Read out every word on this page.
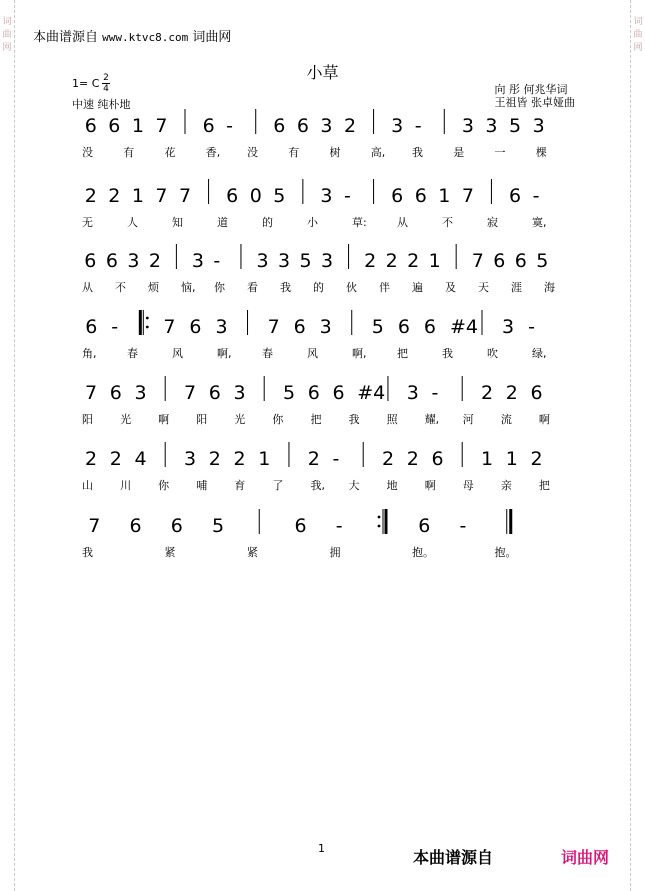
词
曲
网
词
曲
网
本曲谱源自 www.ktvc8.com 词曲网
小草
1= C 2
4
中速 纯朴地
向 彤 何兆华词
王祖皆 张卓娅曲
6 6 1 7 6 - 6 6 3 2 3 - 3 3 5 3
没	有	花	香, 没	有	树	高, 我	是	一	棵
2 2 1 7 7 6 0 5 3 - 6 6 1 7 6 -
无	人	知	道	的	小	草:	从	不	寂	寞,
6 6 3 2 3 - 3 3 5 3 2 2 2 1 7 6 6 5
从 不 烦 恼, 你 看 我 的 伙 伴 遍 及 天 涯 海
6 - 7 6 3 7 6 3 5 6 6 #4 3 -
角,	春	风	啊,	春	风	啊,	把	我	吹	绿,
7 6 3 7 6 3 5 6 6 #4 3 - 2 2 6
阳 光 啊 阳 光 你 把 我 照 耀, 河 流 啊
2 2 4 3 2 2 1 2 - 2 2 6 1 1 2
山 川 你 哺 育 了 我, 大 地 啊 母 亲 把
7 6 6 5	6 -	6 -
我	紧	紧	拥	抱。	抱。
1	本曲谱源自	词曲网
